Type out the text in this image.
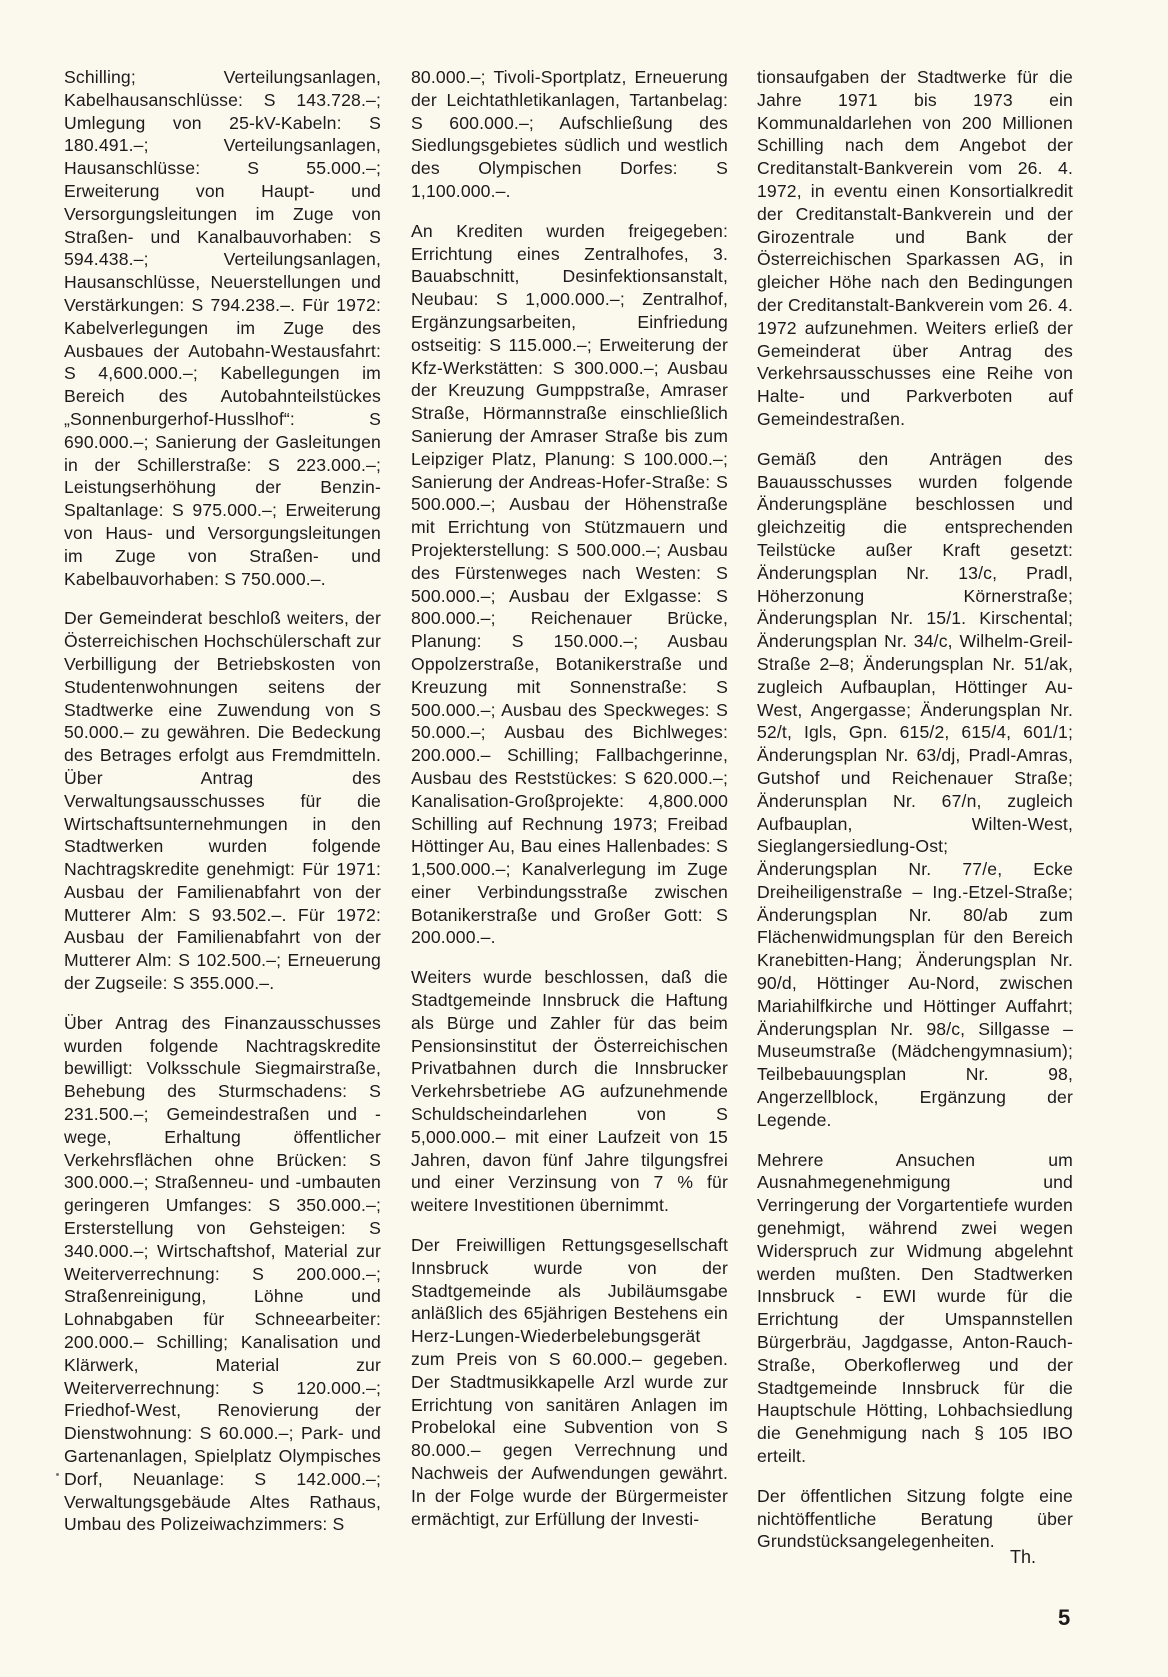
Schilling; Verteilungsanlagen, Kabelhausanschlüsse: S 143.728.–; Umlegung von 25-kV-Kabeln: S 180.491.–; Verteilungsanlagen, Hausanschlüsse: S 55.000.–; Erweiterung von Haupt- und Versorgungsleitungen im Zuge von Straßen- und Kanalbauvorhaben: S 594.438.–; Verteilungsanlagen, Hausanschlüsse, Neuerstellungen und Verstärkungen: S 794.238.–. Für 1972: Kabelverlegungen im Zuge des Ausbaues der Autobahn-Westausfahrt: S 4,600.000.–; Kabellegungen im Bereich des Autobahnteilstückes „Sonnenburgerhof-Husslhof“: S 690.000.–; Sanierung der Gasleitungen in der Schillerstraße: S 223.000.–; Leistungserhöhung der Benzin-Spaltanlage: S 975.000.–; Erweiterung von Haus- und Versorgungsleitungen im Zuge von Straßen- und Kabelbauvorhaben: S 750.000.–.

Der Gemeinderat beschloß weiters, der Österreichischen Hochschülerschaft zur Verbilligung der Betriebskosten von Studentenwohnungen seitens der Stadtwerke eine Zuwendung von S 50.000.– zu gewähren. Die Bedeckung des Betrages erfolgt aus Fremdmitteln. Über Antrag des Verwaltungsausschusses für die Wirtschaftsunternehmungen in den Stadtwerken wurden folgende Nachtragskredite genehmigt: Für 1971: Ausbau der Familienabfahrt von der Mutterer Alm: S 93.502.–. Für 1972: Ausbau der Familienabfahrt von der Mutterer Alm: S 102.500.–; Erneuerung der Zugseile: S 355.000.–.

Über Antrag des Finanzausschusses wurden folgende Nachtragskredite bewilligt: Volksschule Siegmairstraße, Behebung des Sturmschadens: S 231.500.–; Gemeindestraßen und -wege, Erhaltung öffentlicher Verkehrsflächen ohne Brücken: S 300.000.–; Straßenneu- und -umbauten geringeren Umfanges: S 350.000.–; Ersterstellung von Gehsteigen: S 340.000.–; Wirtschaftshof, Material zur Weiterverrechnung: S 200.000.–; Straßenreinigung, Löhne und Lohnabgaben für Schneearbeiter: 200.000.– Schilling; Kanalisation und Klärwerk, Material zur Weiterverrechnung: S 120.000.–; Friedhof-West, Renovierung der Dienstwohnung: S 60.000.–; Park- und Gartenanlagen, Spielplatz Olympisches Dorf, Neuanlage: S 142.000.–; Verwaltungsgebäude Altes Rathaus, Umbau des Polizeiwachzimmers: S

80.000.–; Tivoli-Sportplatz, Erneuerung der Leichtathletikanlagen, Tartanbelag: S 600.000.–; Aufschließung des Siedlungsgebietes südlich und westlich des Olympischen Dorfes: S 1,100.000.–.

An Krediten wurden freigegeben: Errichtung eines Zentralhofes, 3. Bauabschnitt, Desinfektionsanstalt, Neubau: S 1,000.000.–; Zentralhof, Ergänzungsarbeiten, Einfriedung ostseitig: S 115.000.–; Erweiterung der Kfz-Werkstätten: S 300.000.–; Ausbau der Kreuzung Gumppstraße, Amraser Straße, Hörmannstraße einschließlich Sanierung der Amraser Straße bis zum Leipziger Platz, Planung: S 100.000.–; Sanierung der Andreas-Hofer-Straße: S 500.000.–; Ausbau der Höhenstraße mit Errichtung von Stützmauern und Projekterstellung: S 500.000.–; Ausbau des Fürstenweges nach Westen: S 500.000.–; Ausbau der Exlgasse: S 800.000.–; Reichenauer Brücke, Planung: S 150.000.–; Ausbau Oppolzerstraße, Botanikerstraße und Kreuzung mit Sonnenstraße: S 500.000.–; Ausbau des Speckweges: S 50.000.–; Ausbau des Bichlweges: 200.000.– Schilling; Fallbachgerinne, Ausbau des Reststückes: S 620.000.–; Kanalisation-Großprojekte: 4,800.000 Schilling auf Rechnung 1973; Freibad Höttinger Au, Bau eines Hallenbades: S 1,500.000.–; Kanalverlegung im Zuge einer Verbindungsstraße zwischen Botanikerstraße und Großer Gott: S 200.000.–.

Weiters wurde beschlossen, daß die Stadtgemeinde Innsbruck die Haftung als Bürge und Zahler für das beim Pensionsinstitut der Österreichischen Privatbahnen durch die Innsbrucker Verkehrsbetriebe AG aufzunehmende Schuldscheindarlehen von S 5,000.000.– mit einer Laufzeit von 15 Jahren, davon fünf Jahre tilgungsfrei und einer Verzinsung von 7 % für weitere Investitionen übernimmt.

Der Freiwilligen Rettungsgesellschaft Innsbruck wurde von der Stadtgemeinde als Jubiläumsgabe anläßlich des 65jährigen Bestehens ein Herz-Lungen-Wiederbelebungsgerät zum Preis von S 60.000.– gegeben. Der Stadtmusikkapelle Arzl wurde zur Errichtung von sanitären Anlagen im Probelokal eine Subvention von S 80.000.– gegen Verrechnung und Nachweis der Aufwendungen gewährt. In der Folge wurde der Bürgermeister ermächtigt, zur Erfüllung der Investi-

tionsaufgaben der Stadtwerke für die Jahre 1971 bis 1973 ein Kommunaldarlehen von 200 Millionen Schilling nach dem Angebot der Creditanstalt-Bankverein vom 26. 4. 1972, in eventu einen Konsortialkredit der Creditanstalt-Bankverein und der Girozentrale und Bank der Österreichischen Sparkassen AG, in gleicher Höhe nach den Bedingungen der Creditanstalt-Bankverein vom 26. 4. 1972 aufzunehmen. Weiters erließ der Gemeinderat über Antrag des Verkehrsausschusses eine Reihe von Halte- und Parkverboten auf Gemeindestraßen.

Gemäß den Anträgen des Bauausschusses wurden folgende Änderungspläne beschlossen und gleichzeitig die entsprechenden Teilstücke außer Kraft gesetzt: Änderungsplan Nr. 13/c, Pradl, Höherzonung Körnerstraße; Änderungsplan Nr. 15/1. Kirschental; Änderungsplan Nr. 34/c, Wilhelm-Greil-Straße 2–8; Änderungsplan Nr. 51/ak, zugleich Aufbauplan, Höttinger Au-West, Angergasse; Änderungsplan Nr. 52/t, Igls, Gpn. 615/2, 615/4, 601/1; Änderungsplan Nr. 63/dj, Pradl-Amras, Gutshof und Reichenauer Straße; Änderunsplan Nr. 67/n, zugleich Aufbauplan, Wilten-West, Sieglangersiedlung-Ost; Änderungsplan Nr. 77/e, Ecke Dreiheiligenstraße – Ing.-Etzel-Straße; Änderungsplan Nr. 80/ab zum Flächenwidmungsplan für den Bereich Kranebitten-Hang; Änderungsplan Nr. 90/d, Höttinger Au-Nord, zwischen Mariahilfkirche und Höttinger Auffahrt; Änderungsplan Nr. 98/c, Sillgasse – Museumstraße (Mädchengymnasium); Teilbebauungsplan Nr. 98, Angerzellblock, Ergänzung der Legende.

Mehrere Ansuchen um Ausnahmegenehmigung und Verringerung der Vorgartentiefe wurden genehmigt, während zwei wegen Widerspruch zur Widmung abgelehnt werden mußten. Den Stadtwerken Innsbruck - EWI wurde für die Errichtung der Umspannstellen Bürgerbräu, Jagdgasse, Anton-Rauch-Straße, Oberkoflerweg und der Stadtgemeinde Innsbruck für die Hauptschule Hötting, Lohbachsiedlung die Genehmigung nach § 105 IBO erteilt.

Der öffentlichen Sitzung folgte eine nichtöffentliche Beratung über Grundstücksangelegenheiten.

Th.
5
